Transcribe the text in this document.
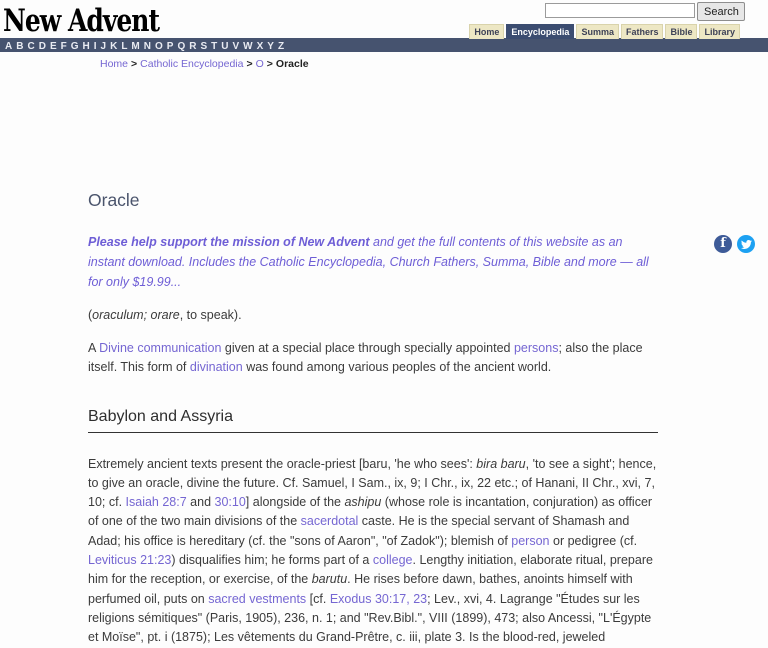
New Advent	Search
Home	Encyclopedia	Summa	Fathers	Bible	Library
A B C D E F G H I J K L M N O P Q R S T U V W X Y Z
Home > Catholic Encyclopedia > O > Oracle
Oracle

Please help support the mission of New Advent and get the full contents of this website as an instant download. Includes the Catholic Encyclopedia, Church Fathers, Summa, Bible and more — all for only $19.99...

(oraculum; orare, to speak).

A Divine communication given at a special place through specially appointed persons; also the place itself. This form of divination was found among various peoples of the ancient world.

Babylon and Assyria

Extremely ancient texts present the oracle-priest [baru, 'he who sees': bira baru, 'to see a sight'; hence, to give an oracle, divine the future. Cf. Samuel, I Sam., ix, 9; I Chr., ix, 22 etc.; of Hanani, II Chr., xvi, 7, 10; cf. Isaiah 28:7 and 30:10] alongside of the ashipu (whose role is incantation, conjuration) as officer of one of the two main divisions of the sacerdotal caste. He is the special servant of Shamash and Adad; his office is hereditary (cf. the "sons of Aaron", "of Zadok"); blemish of person or pedigree (cf. Leviticus 21:23) disqualifies him; he forms part of a college. Lengthy initiation, elaborate ritual, prepare him for the reception, or exercise, of the barutu. He rises before dawn, bathes, anoints himself with perfumed oil, puts on sacred vestments [cf. Exodus 30:17, 23; Lev., xvi, 4. Lagrange "Études sur les religions sémitiques" (Paris, 1905), 236, n. 1; and "Rev.Bibl.", VIII (1899), 473; also Ancessi, "L'Égypte et Moïse", pt. i (1875); Les vêtements du Grand-Prêtre, c. iii, plate 3. Is the blood-red, jeweled

f
